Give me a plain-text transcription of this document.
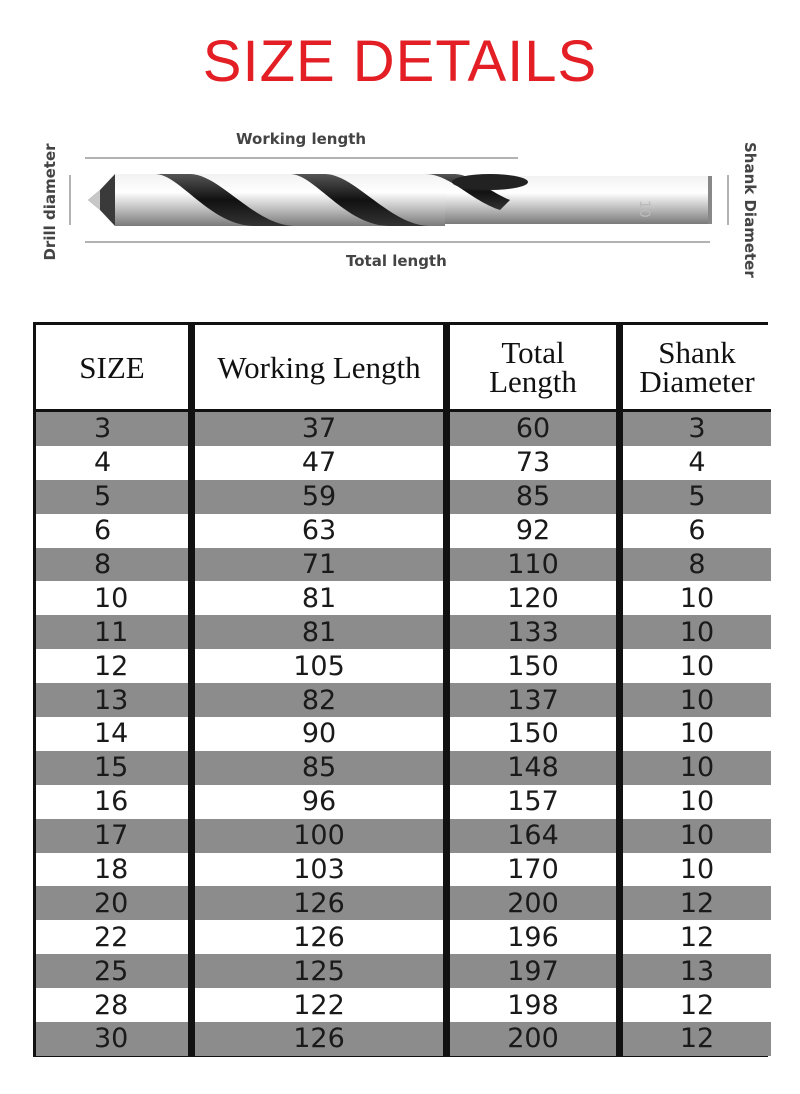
SIZE DETAILS
Working length
Total length
Drill diameter	Shank Diameter
10
SIZE
3
4
5
6
8
10
11
12
13
14
15
16
17
18
20
22
25
28
30
Working Length
37
47
59
63
71
81
81
105
82
90
85
96
100
103
126
126
125
122
126
Total Length
60
73
85
92
110
120
133
150
137
150
148
157
164
170
200
196
197
198
200
Shank Diameter
3
4
5
6
8
10
10
10
10
10
10
10
10
10
12
12
13
12
12
